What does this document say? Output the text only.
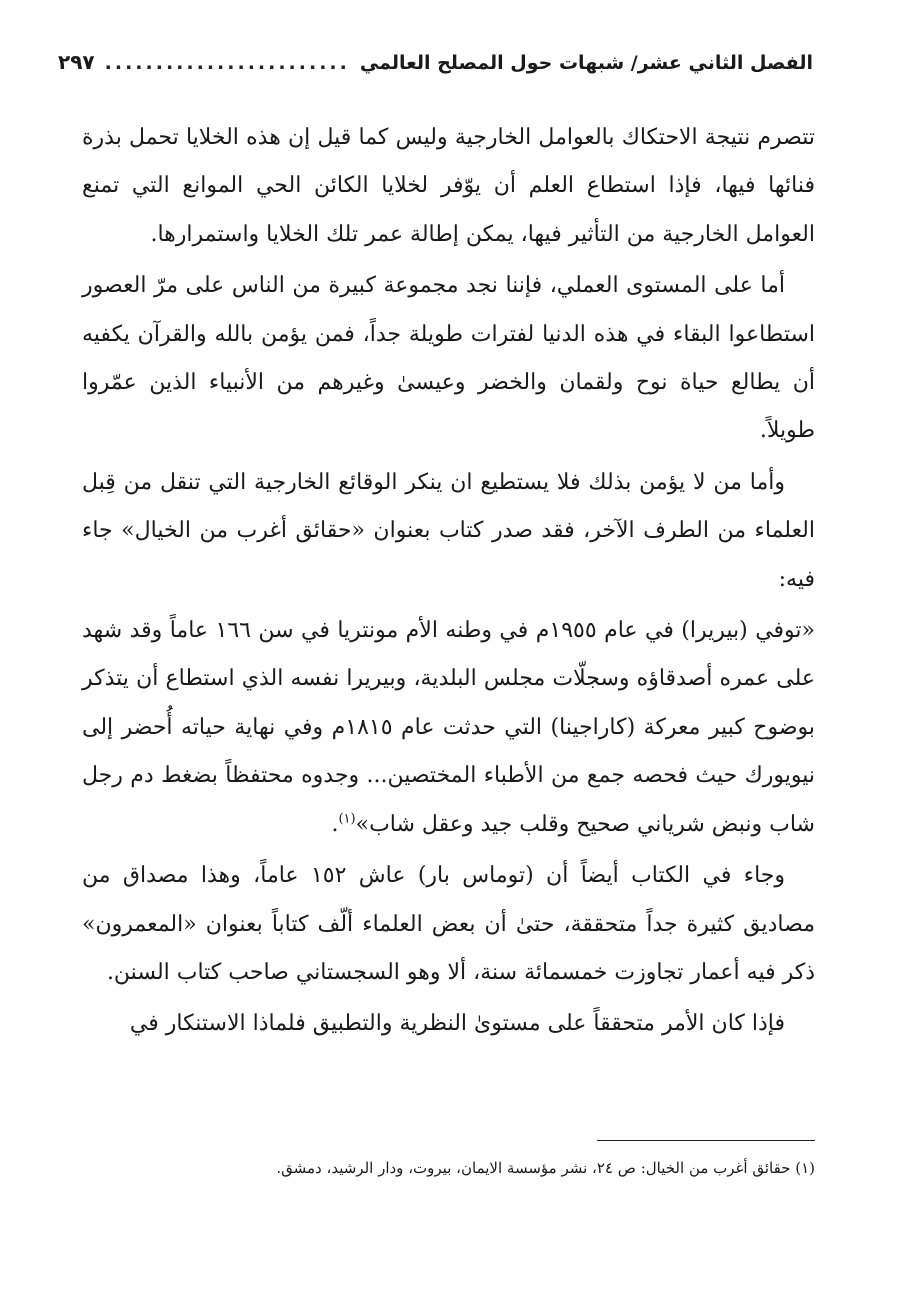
الفصل الثاني عشر/ شبهات حول المصلح العالمي
........................
٢٩٧

تتصرم نتيجة الاحتكاك بالعوامل الخارجية وليس كما قيل إن هذه الخلايا تحمل بذرة فنائها فيها، فإذا استطاع العلم أن يوّفر لخلايا الكائن الحي الموانع التي تمنع العوامل الخارجية من التأثير فيها، يمكن إطالة عمر تلك الخلايا واستمرارها.

أما على المستوى العملي، فإننا نجد مجموعة كبيرة من الناس على مرّ العصور استطاعوا البقاء في هذه الدنيا لفترات طويلة جداً، فمن يؤمن بالله والقرآن يكفيه أن يطالع حياة نوح ولقمان والخضر وعيسىٰ وغيرهم من الأنبياء الذين عمّروا طويلاً.

وأما من لا يؤمن بذلك فلا يستطيع ان ينكر الوقائع الخارجية التي تنقل من قِبل العلماء من الطرف الآخر، فقد صدر كتاب بعنوان «حقائق أغرب من الخيال» جاء فيه:

«توفي (بيريرا) في عام ١٩٥٥م في وطنه الأم مونتريا في سن ١٦٦ عاماً وقد شهد على عمره أصدقاؤه وسجلّات مجلس البلدية، وبيريرا نفسه الذي استطاع أن يتذكر بوضوح كبير معركة (كاراجينا) التي حدثت عام ١٨١٥م وفي نهاية حياته أُحضر إلى نيويورك حيث فحصه جمع من الأطباء المختصين... وجدوه محتفظاً بضغط دم رجل شاب ونبض شرياني صحيح وقلب جيد وعقل شاب»$^{(١)}$.

وجاء في الكتاب أيضاً أن (توماس بار) عاش ١٥٢ عاماً، وهذا مصداق من مصاديق كثيرة جداً متحققة، حتىٰ أن بعض العلماء ألّف كتاباً بعنوان «المعمرون» ذكر فيه أعمار تجاوزت خمسمائة سنة، ألا وهو السجستاني صاحب كتاب السنن.

فإذا كان الأمر متحققاً على مستوىٰ النظرية والتطبيق فلماذا الاستنكار في

(١) حقائق أغرب من الخيال: ص ٢٤، نشر مؤسسة الايمان، بيروت، ودار الرشيد، دمشق.
